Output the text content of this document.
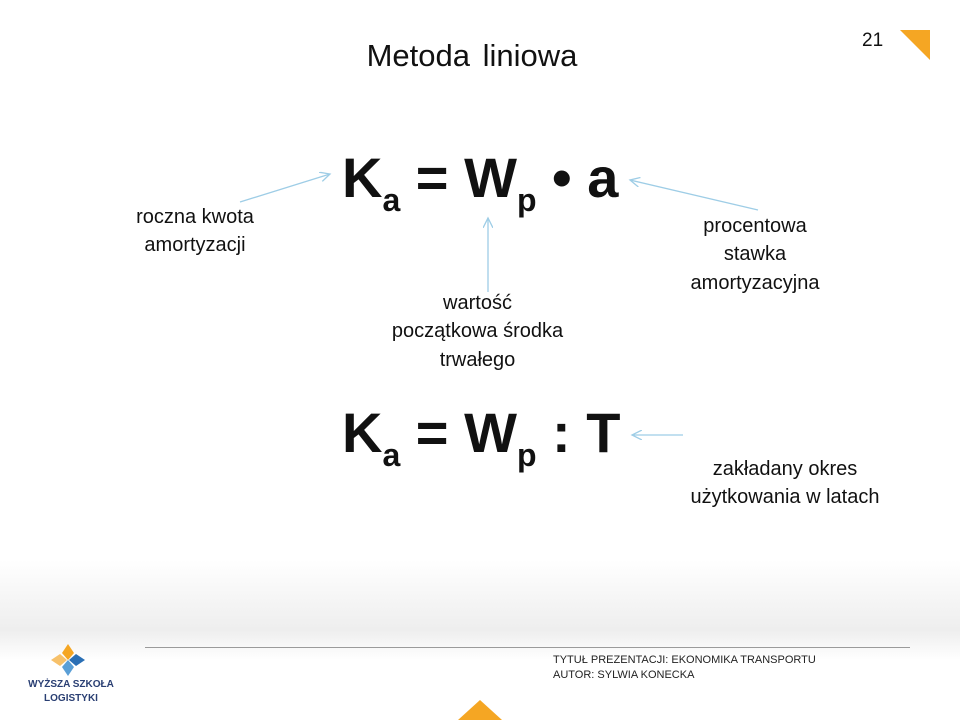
Metoda liniowa	21
$K_a = W_p$ • a
$K_a = W_p$ : T
roczna kwota
amortyzacji
procentowa
stawka
amortyzacyjna
wartość
początkowa środka
trwałego
zakładany okres
użytkowania w latach
WYŻSZA SZKOŁA
LOGISTYKI
TYTUŁ PREZENTACJI: EKONOMIKA TRANSPORTU
AUTOR: SYLWIA KONECKA
